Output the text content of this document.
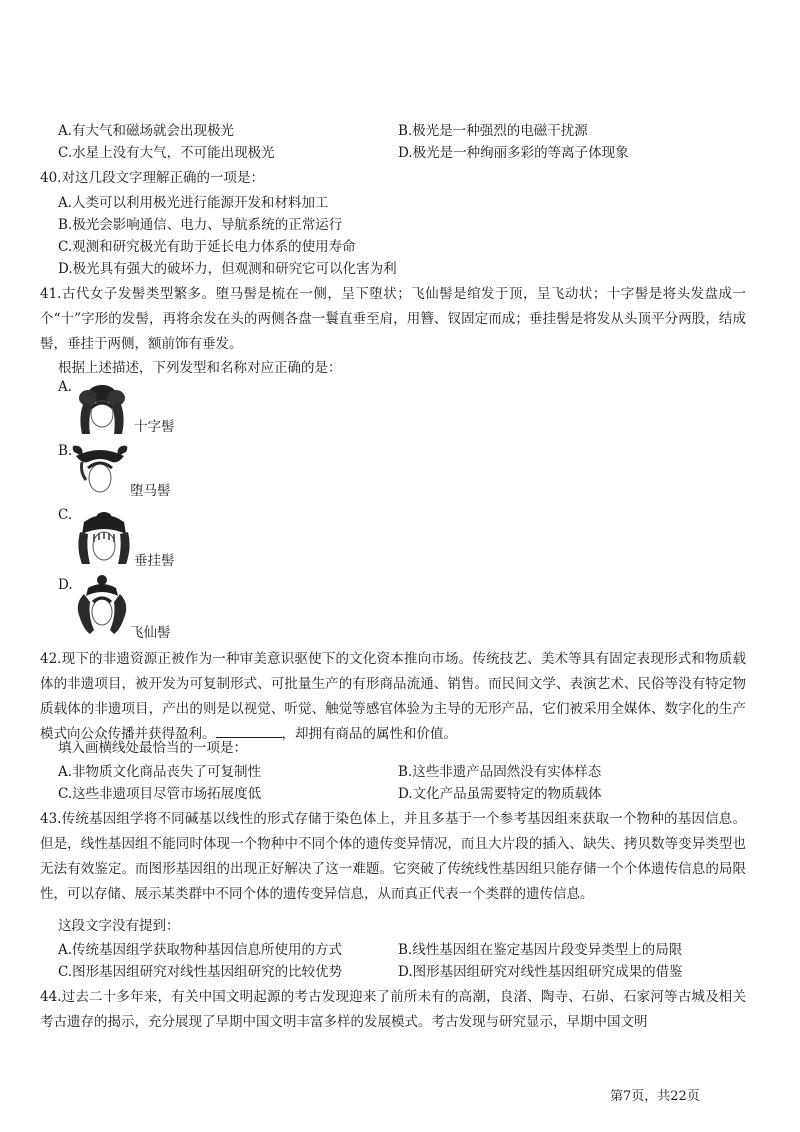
A.有大气和磁场就会出现极光	B.极光是一种强烈的电磁干扰源
C.水星上没有大气，不可能出现极光	D.极光是一种绚丽多彩的等离子体现象
40.对这几段文字理解正确的一项是：
A.人类可以利用极光进行能源开发和材料加工
B.极光会影响通信、电力、导航系统的正常运行
C.观测和研究极光有助于延长电力体系的使用寿命
D.极光具有强大的破坏力，但观测和研究它可以化害为利
41.古代女子发髻类型繁多。堕马髻是梳在一侧，呈下堕状；飞仙髻是绾发于顶，呈飞动状；十字髻是将头发盘成一个“十”字形的发髻，再将余发在头的两侧各盘一鬟直垂至肩，用簪、钗固定而成；垂挂髻是将发从头顶平分两股，结成髻，垂挂于两侧，额前饰有垂发。
根据上述描述，下列发型和名称对应正确的是：
A.
十字髻
B.
堕马髻
C.
垂挂髻
D.
飞仙髻
42.现下的非遗资源正被作为一种审美意识驱使下的文化资本推向市场。传统技艺、美术等具有固定表现形式和物质载体的非遗项目，被开发为可复制形式、可批量生产的有形商品流通、销售。而民间文学、表演艺术、民俗等没有特定物质载体的非遗项目，产出的则是以视觉、听觉、触觉等感官体验为主导的无形产品，它们被采用全媒体、数字化的生产模式向公众传播并获得盈利。	，却拥有商品的属性和价值。
填入画横线处最恰当的一项是：
A.非物质文化商品丧失了可复制性	B.这些非遗产品固然没有实体样态
C.这些非遗项目尽管市场拓展度低	D.文化产品虽需要特定的物质载体
43.传统基因组学将不同碱基以线性的形式存储于染色体上，并且多基于一个参考基因组来获取一个物种的基因信息。但是，线性基因组不能同时体现一个物种中不同个体的遗传变异情况，而且大片段的插入、缺失、拷贝数等变异类型也无法有效鉴定。而图形基因组的出现正好解决了这一难题。它突破了传统线性基因组只能存储一个个体遗传信息的局限性，可以存储、展示某类群中不同个体的遗传变异信息，从而真正代表一个类群的遗传信息。
这段文字没有提到：
A.传统基因组学获取物种基因信息所使用的方式	B.线性基因组在鉴定基因片段变异类型上的局限
C.图形基因组研究对线性基因组研究的比较优势	D.图形基因组研究对线性基因组研究成果的借鉴
44.过去二十多年来，有关中国文明起源的考古发现迎来了前所未有的高潮，良渚、陶寺、石峁、石家河等古城及相关考古遗存的揭示，充分展现了早期中国文明丰富多样的发展模式。考古发现与研究显示，早期中国文明
第7页，共22页
